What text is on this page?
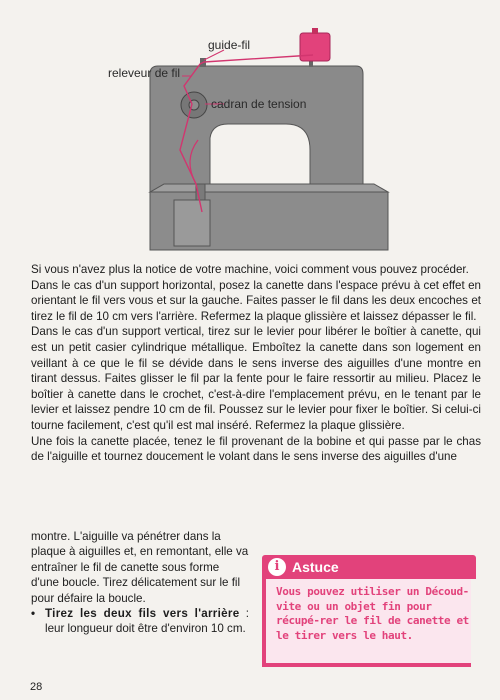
guide-fil
releveur de fil
cadran de tension

Si vous n'avez plus la notice de votre machine, voici comment vous pouvez procéder.

Dans le cas d'un support horizontal, posez la canette dans l'espace prévu à cet effet en orientant le fil vers vous et sur la gauche. Faites passer le fil dans les deux encoches et tirez le fil de 10 cm vers l'arrière. Refermez la plaque glissière et laissez dépasser le fil.

Dans le cas d'un support vertical, tirez sur le levier pour libérer le boîtier à canette, qui est un petit casier cylindrique métallique. Emboîtez la canette dans son logement en veillant à ce que le fil se dévide dans le sens inverse des aiguilles d'une montre en tirant dessus. Faites glisser le fil par la fente pour le faire ressortir au milieu. Placez le boîtier à canette dans le crochet, c'est-à-dire l'emplacement prévu, en le tenant par le levier et laissez pendre 10 cm de fil. Poussez sur le levier pour fixer le boîtier. Si celui-ci tourne facilement, c'est qu'il est mal inséré. Refermez la plaque glissière.

Une fois la canette placée, tenez le fil provenant de la bobine et qui passe par le chas de l'aiguille et tournez doucement le volant dans le sens inverse des aiguilles d'une

montre. L'aiguille va pénétrer dans la plaque à aiguilles et, en remontant, elle va entraîner le fil de canette sous forme d'une boucle. Tirez délicatement sur le fil pour défaire la boucle.

• Tirez les deux fils vers l'arrière : leur longueur doit être d'environ 10 cm.
i Astuce
Vous pouvez utiliser un Découd-vite ou un objet fin pour récupé-rer le fil de canette et le tirer vers le haut.
28
